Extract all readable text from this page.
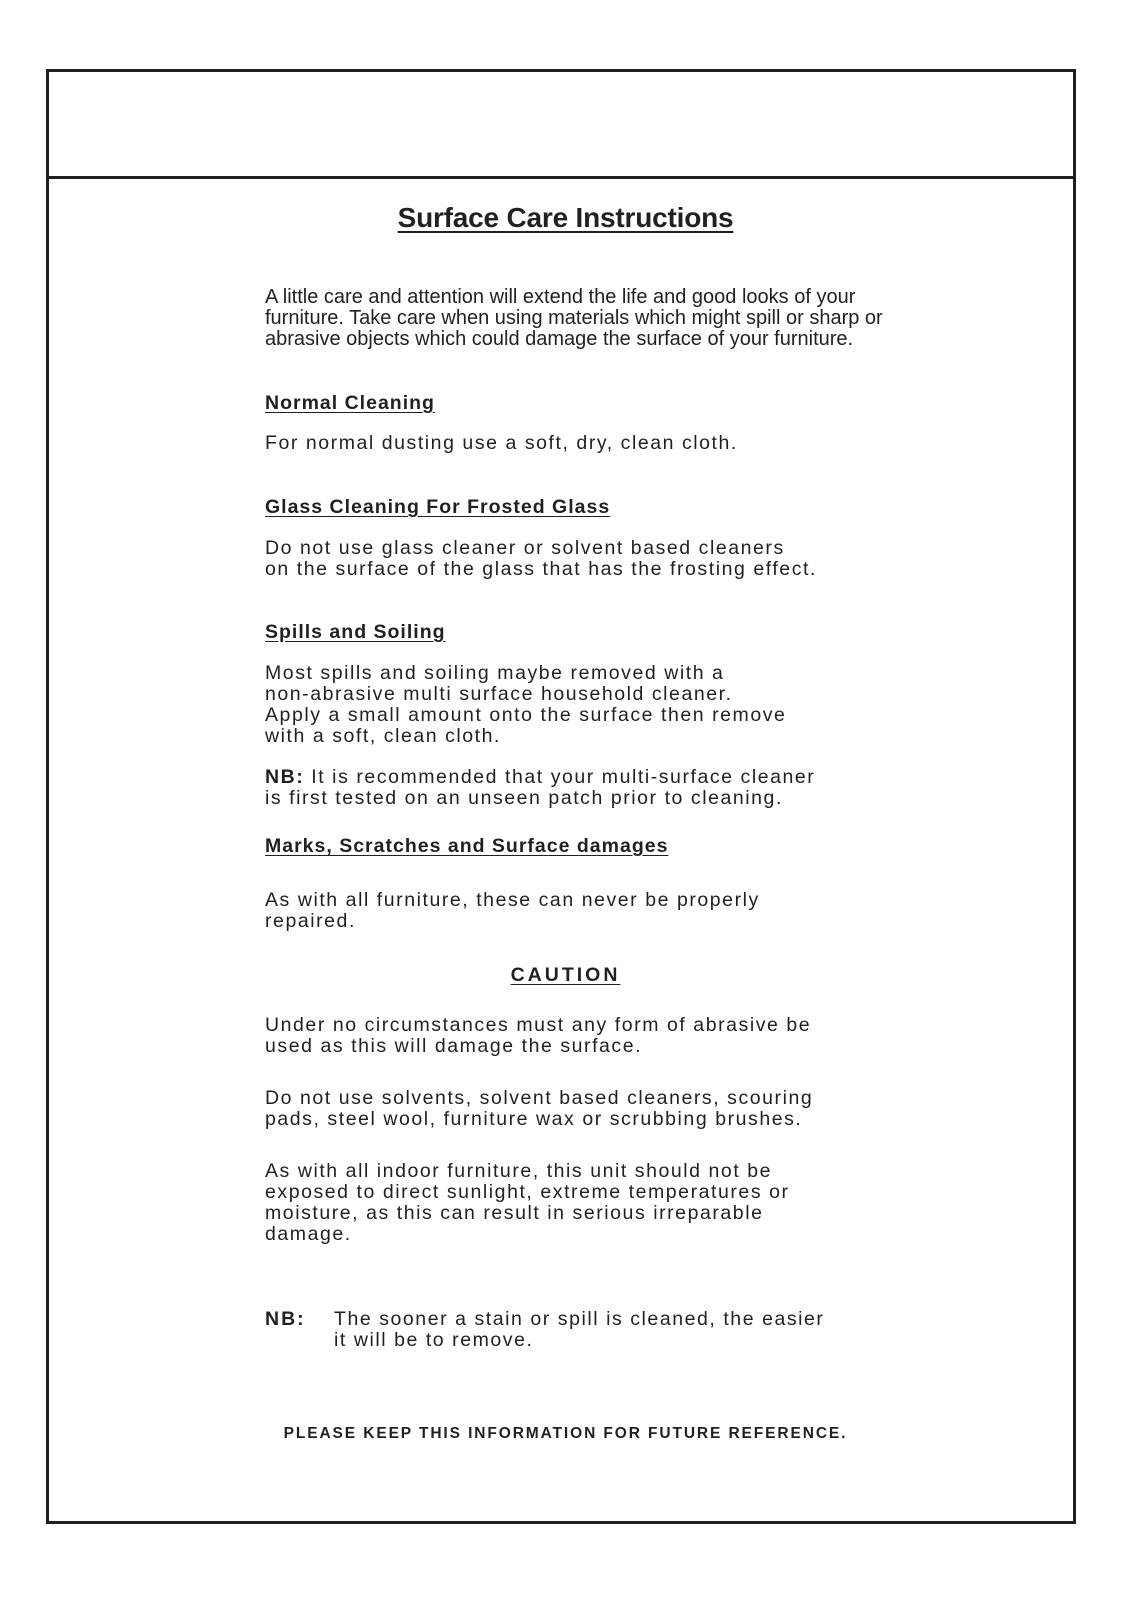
Surface Care Instructions

A little care and attention will extend the life and good looks of your furniture. Take care when using materials which might spill or sharp or abrasive objects which could damage the surface of your furniture.

Normal Cleaning

For normal dusting use a soft, dry, clean cloth.

Glass Cleaning For Frosted Glass

Do not use glass cleaner or solvent based cleaners
on the surface of the glass that has the frosting effect.

Spills and Soiling

Most spills and soiling maybe removed with a
non-abrasive multi surface household cleaner.
Apply a small amount onto the surface then remove
with a soft, clean cloth.

NB: It is recommended that your multi-surface cleaner
is first tested on an unseen patch prior to cleaning.

Marks, Scratches and Surface damages

As with all furniture, these can never be properly
repaired.

CAUTION

Under no circumstances must any form of abrasive be
used as this will damage the surface.

Do not use solvents, solvent based cleaners, scouring
pads, steel wool, furniture wax or scrubbing brushes.

As with all indoor furniture, this unit should not be
exposed to direct sunlight, extreme temperatures or
moisture, as this can result in serious irreparable
damage.

NB:	The sooner a stain or spill is cleaned, the easier
it will be to remove.

PLEASE KEEP THIS INFORMATION FOR FUTURE REFERENCE.
